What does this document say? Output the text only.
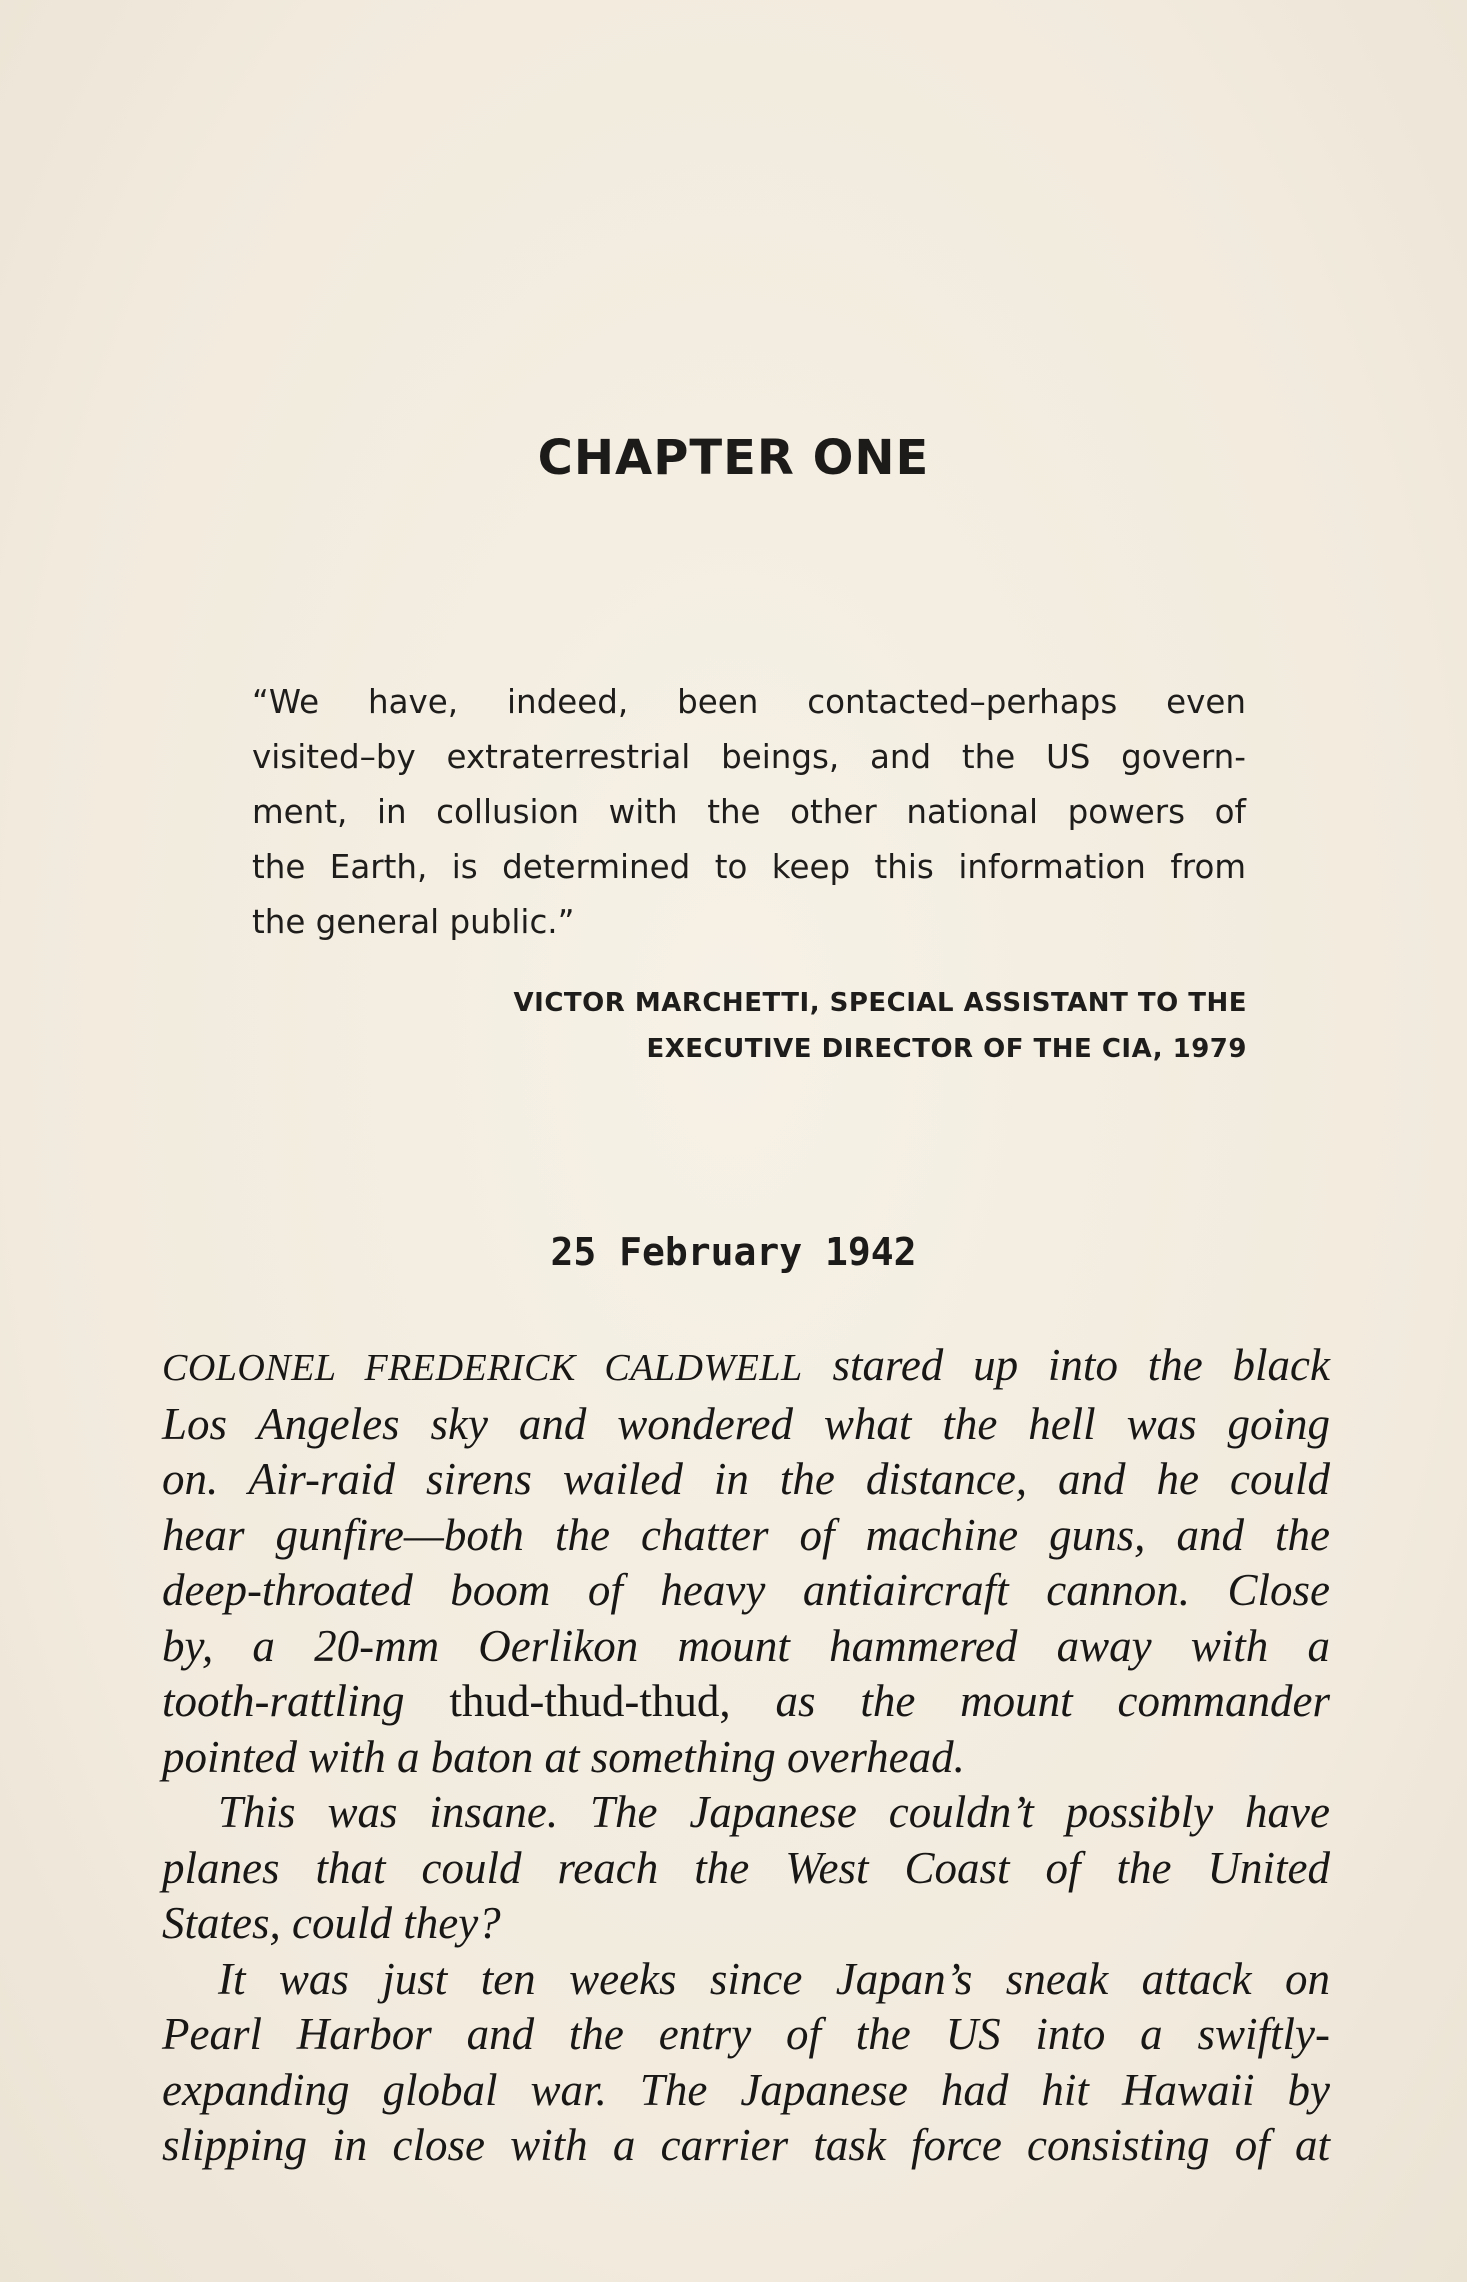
CHAPTER ONE

“We have, indeed, been contacted–perhaps even

visited–by extraterrestrial beings, and the US govern-

ment, in collusion with the other national powers of

the Earth, is determined to keep this information from

the general public.”

VICTOR MARCHETTI, SPECIAL ASSISTANT TO THE
EXECUTIVE DIRECTOR OF THE CIA, 1979
25 February 1942

COLONEL FREDERICK CALDWELL stared up into the black

Los Angeles sky and wondered what the hell was going

on. Air-raid sirens wailed in the distance, and he could

hear gunfire—both the chatter of machine guns, and the

deep-throated boom of heavy antiaircraft cannon. Close

by, a 20-mm Oerlikon mount hammered away with a

tooth-rattling thud-thud-thud, as the mount commander

pointed with a baton at something overhead.

This was insane. The Japanese couldn’t possibly have

planes that could reach the West Coast of the United

States, could they?

It was just ten weeks since Japan’s sneak attack on

Pearl Harbor and the entry of the US into a swiftly-

expanding global war. The Japanese had hit Hawaii by

slipping in close with a carrier task force consisting of at
